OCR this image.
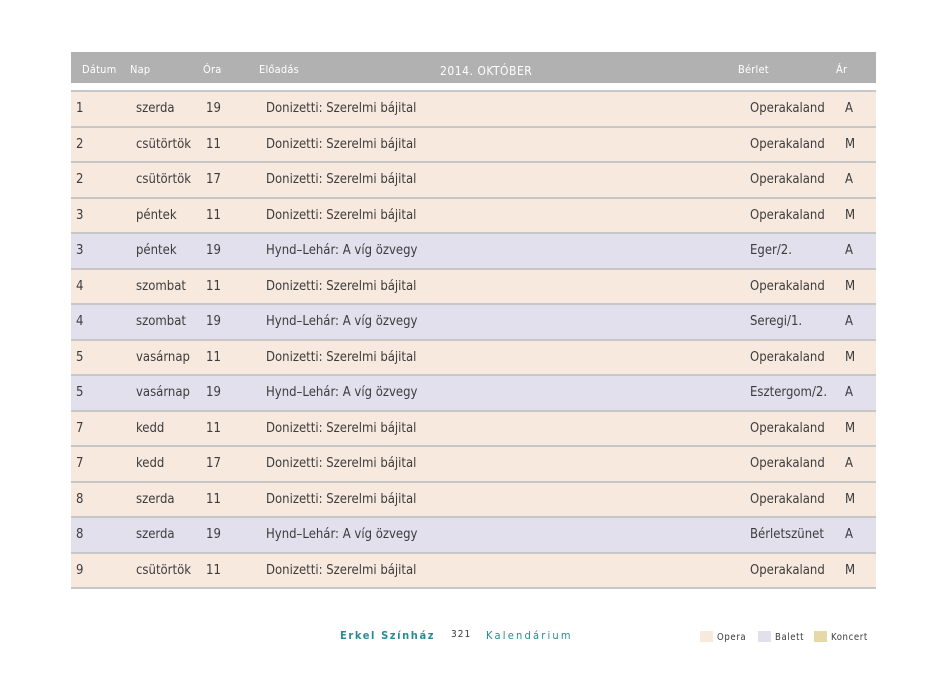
Dátum Nap	Óra	Előadás	2014. OKTÓBER	Bérlet	Ár
1	szerda 19	Donizetti: Szerelmi bájital	Operakaland A
2	csütörtök 11	Donizetti: Szerelmi bájital	Operakaland M
2	csütörtök 17	Donizetti: Szerelmi bájital	Operakaland A
3	péntek 11	Donizetti: Szerelmi bájital	Operakaland M
3	péntek 19	Hynd–Lehár: A víg özvegy	Eger/2.	A
4	szombat 11	Donizetti: Szerelmi bájital	Operakaland M
4	szombat 19	Hynd–Lehár: A víg özvegy	Seregi/1.	A
5	vasárnap 11	Donizetti: Szerelmi bájital	Operakaland M
5	vasárnap 19	Hynd–Lehár: A víg özvegy	Esztergom/2. A
7	kedd	11	Donizetti: Szerelmi bájital	Operakaland M
7	kedd	17	Donizetti: Szerelmi bájital	Operakaland A
8	szerda 11	Donizetti: Szerelmi bájital	Operakaland M
8	szerda 19	Hynd–Lehár: A víg özvegy	Bérletszünet A
9	csütörtök 11	Donizetti: Szerelmi bájital	Operakaland M
Erkel Színház 321 Kalendárium	Opera	Balett	Koncert
